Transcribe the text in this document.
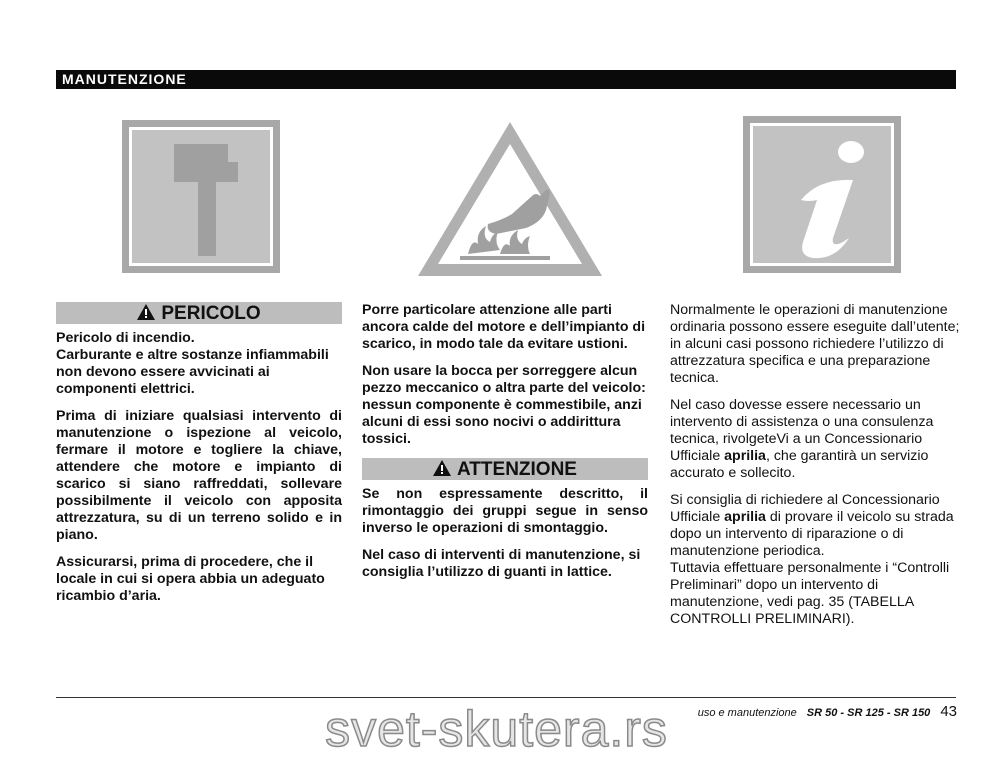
MANUTENZIONE
PERICOLO

Pericolo di incendio.

Carburante e altre sostanze infiammabili non devono essere avvicinati ai componenti elettrici.

Prima di iniziare qualsiasi intervento di manutenzione o ispezione al veicolo, fermare il motore e togliere la chiave, attendere che motore e impianto di scarico si siano raffreddati, sollevare possibilmente il veicolo con apposita attrezzatura, su di un terreno solido e in piano.

Assicurarsi, prima di procedere, che il locale in cui si opera abbia un adeguato ricambio d’aria.

Porre particolare attenzione alle parti ancora calde del motore e dell’impianto di scarico, in modo tale da evitare ustioni.

Non usare la bocca per sorreggere alcun pezzo meccanico o altra parte del veicolo: nessun componente è commestibile, anzi alcuni di essi sono nocivi o addirittura tossici.

ATTENZIONE

Se non espressamente descritto, il rimontaggio dei gruppi segue in senso inverso le operazioni di smontaggio.

Nel caso di interventi di manutenzione, si consiglia l’utilizzo di guanti in lattice.

Normalmente le operazioni di manutenzione ordinaria possono essere eseguite dall’utente; in alcuni casi possono richiedere l’utilizzo di attrezzatura specifica e una preparazione tecnica.

Nel caso dovesse essere necessario un intervento di assistenza o una consulenza tecnica, rivolgeteVi a un Concessionario Ufficiale aprilia, che garantirà un servizio accurato e sollecito.

Si consiglia di richiedere al Concessionario Ufficiale aprilia di provare il veicolo su strada dopo un intervento di riparazione o di manutenzione periodica.

Tuttavia effettuare personalmente i “Controlli Preliminari” dopo un intervento di manutenzione, vedi pag. 35 (TABELLA CONTROLLI PRELIMINARI).

uso e manutenzione SR 50 - SR 125 - SR 150 43
svet-skutera.rs
